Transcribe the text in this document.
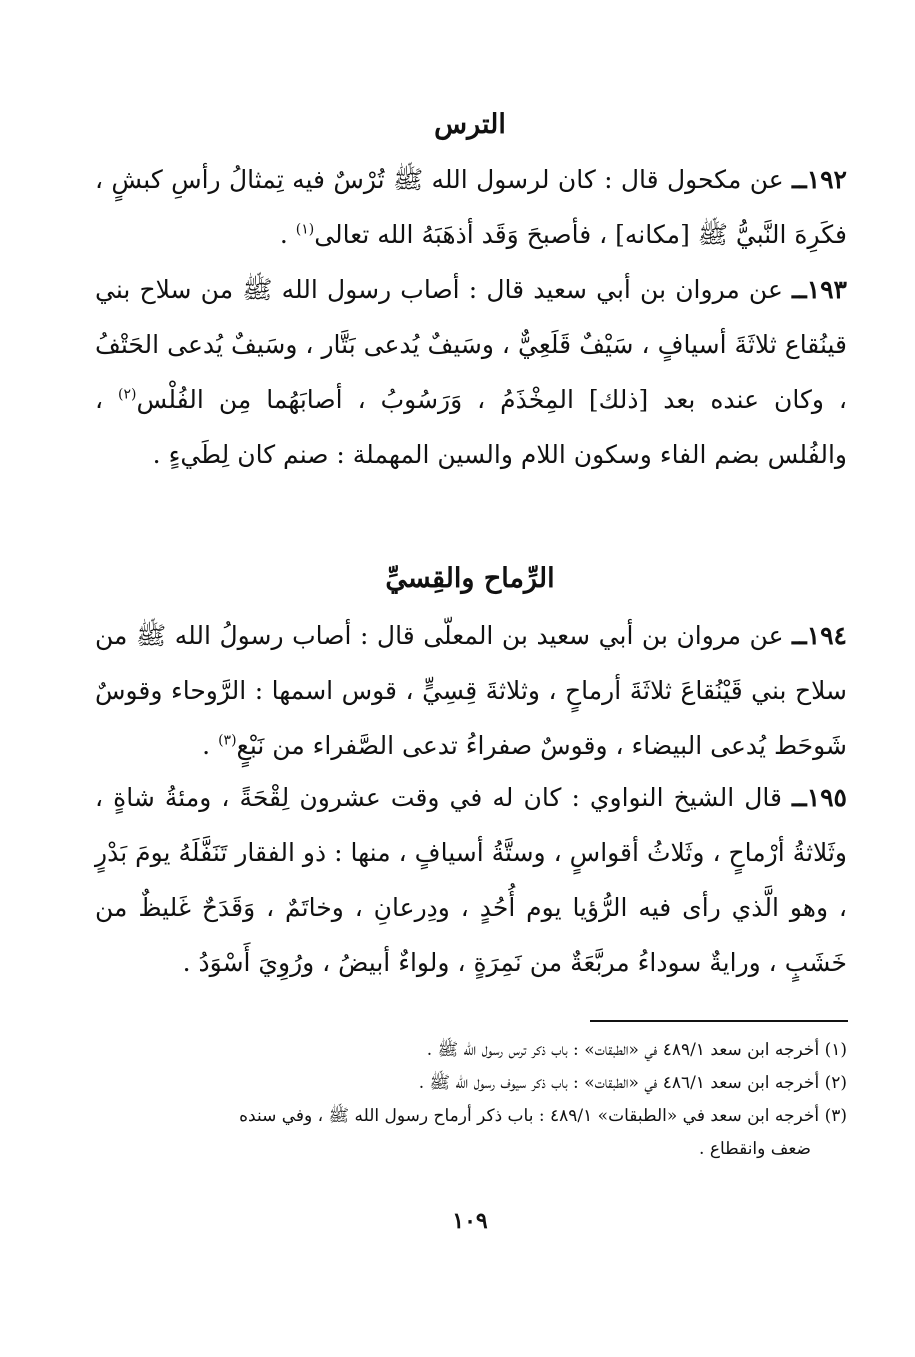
الترس
١٩٢ــ عن مكحول قال : كان لرسول الله ﷺ تُرْسٌ فيه تِمثالُ رأسِ كبشٍ ، فكَرِهَ النَّبيُّ ﷺ [مكانه] ، فأصبحَ وَقَد أذهَبَهُ الله تعالى$^{(١)}$ .
١٩٣ــ عن مروان بن أبي سعيد قال : أصاب رسول الله ﷺ من سلاح بني قينُقاع ثلاثَةَ أسيافٍ ، سَيْفٌ قَلَعِيٌّ ، وسَيفٌ يُدعى بَتَّار ، وسَيفٌ يُدعى الحَتْفُ ، وكان عنده بعد [ذلك] المِخْذَمُ ، وَرَسُوبُ ، أصابَهُما مِن الفُلْس$^{(٢)}$ ، والفُلس بضم الفاء وسكون اللام والسين المهملة : صنم كان لِطَيءٍ .
الرِّماح والقِسيِّ
١٩٤ــ عن مروان بن أبي سعيد بن المعلّى قال : أصاب رسولُ الله ﷺ من سلاح بني قَيْنُقاعَ ثلاثَةَ أرماحٍ ، وثلاثةَ قِسِيٍّ ، قوس اسمها : الرَّوحاء وقوسٌ شَوحَط يُدعى البيضاء ، وقوسٌ صفراءُ تدعى الصَّفراء من نَبْعٍ$^{(٣)}$ .
١٩٥ــ قال الشيخ النواوي : كان له في وقت عشرون لِقْحَةً ، ومئةُ شاةٍ ، وثَلاثةُ أرْماحٍ ، وثَلاثُ أقواسٍ ، وستَّةُ أسيافٍ ، منها : ذو الفقار تَنَفَّلَهُ يومَ بَدْرٍ ، وهو الَّذي رأى فيه الرُّؤيا يوم أُحُدٍ ، ودِرعانِ ، وخاتَمٌ ، وَقَدَحٌ غَليظٌ من خَشَبٍ ، ورايةٌ سوداءُ مربَّعَةٌ من نَمِرَةٍ ، ولواءٌ أبيضُ ، ورُوِيَ أَسْوَدُ .
(١) أخرجه ابن سعد ٤٨٩/١ في «الطبقات» : باب ذكر ترس رسول الله ﷺ .
(٢) أخرجه ابن سعد ٤٨٦/١ في «الطبقات» : باب ذكر سيوف رسول الله ﷺ .
(٣) أخرجه ابن سعد في «الطبقات» ٤٨٩/١ : باب ذكر أرماح رسول الله ﷺ ، وفي سنده
ضعف وانقطاع .
١٠٩
